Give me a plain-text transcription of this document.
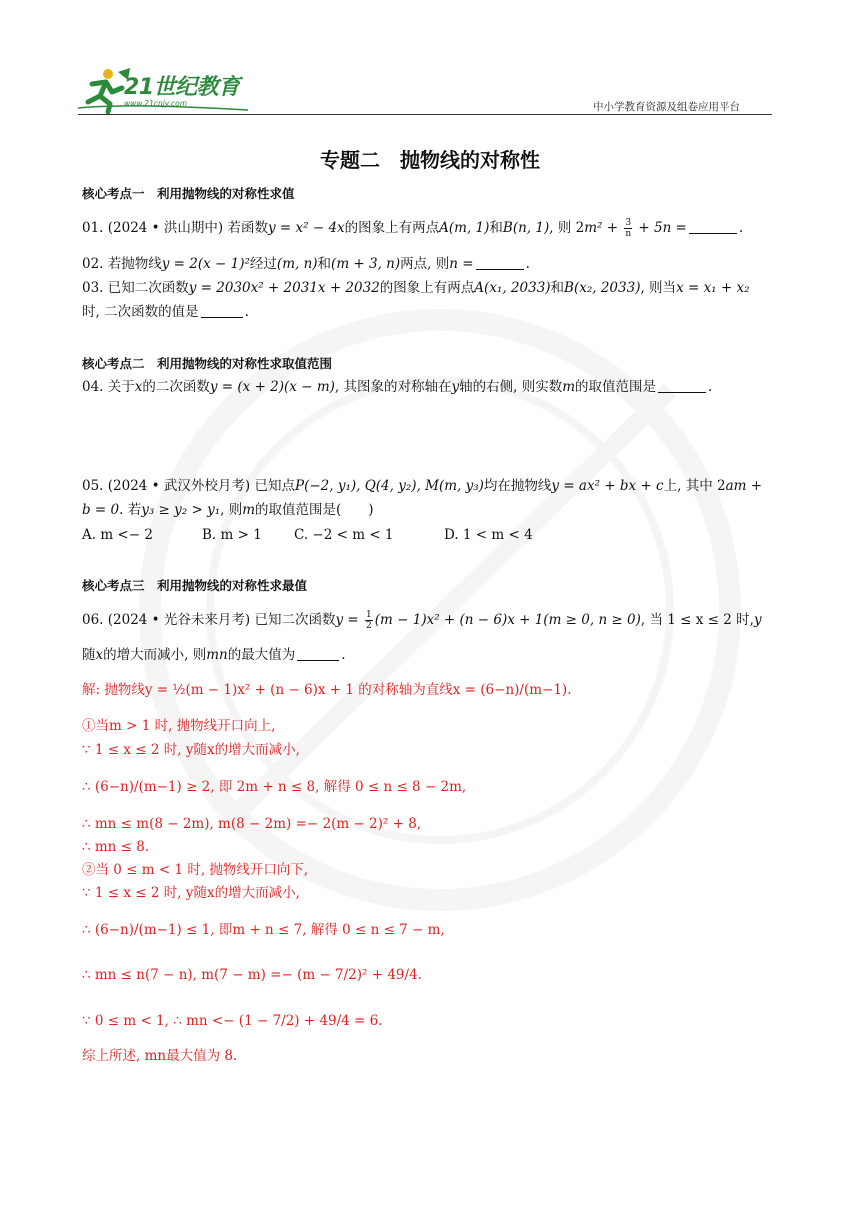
21世纪教育
www.21cnjy.com	中小学教育资源及组卷应用平台
专题二　抛物线的对称性
核心考点一　利用抛物线的对称性求值
01. (2024 • 洪山期中) 若函数y = x² − 4x的图象上有两点A(m, 1)和B(n, 1), 则 $2m^2 + \frac{3}{n} + 5n$ =	.
02. 若抛物线y = 2(x − 1)²经过(m, n)和(m + 3, n)两点, 则n =	.
03. 已知二次函数y = 2030x² + 2031x + 2032的图象上有两点A(x₁, 2033)和B(x₂, 2033), 则当x = x₁ + x₂
时, 二次函数的值是	.
核心考点二　利用抛物线的对称性求取值范围
04. 关于x的二次函数y = (x + 2)(x − m), 其图象的对称轴在y轴的右侧, 则实数m的取值范围是	.
05. (2024 • 武汉外校月考) 已知点P(−2, y₁), Q(4, y₂), M(m, y₃)均在抛物线y = ax² + bx + c上, 其中 2am +
b = 0. 若y₃ ≥ y₂ > y₁, 则m的取值范围是(　　)
A. m <− 2	B. m > 1 C. −2 < m < 1	D. 1 < m < 4
核心考点三　利用抛物线的对称性求最值
06. (2024 • 光谷未来月考) 已知二次函数$y = \frac{1}{2} (m - 1)x^2 + (n - 6)x + 1(m \ge 0$, n ≥ 0), 当 1 ≤ x ≤ 2 时,y
随x的增大而减小, 则mn的最大值为	.
解: 抛物线y = ½(m − 1)x² + (n − 6)x + 1 的对称轴为直线x = (6−n)/(m−1).
①当m > 1 时, 抛物线开口向上,
∵ 1 ≤ x ≤ 2 时, y随x的增大而减小,
∴ (6−n)/(m−1) ≥ 2, 即 2m + n ≤ 8, 解得 0 ≤ n ≤ 8 − 2m,
∴ mn ≤ m(8 − 2m), m(8 − 2m) =− 2(m − 2)² + 8,
∴ mn ≤ 8.
②当 0 ≤ m < 1 时, 抛物线开口向下,
∵ 1 ≤ x ≤ 2 时, y随x的增大而减小,
∴ (6−n)/(m−1) ≤ 1, 即m + n ≤ 7, 解得 0 ≤ n ≤ 7 − m,
∴ mn ≤ n(7 − n), m(7 − m) =− (m − 7/2)² + 49/4.
∵ 0 ≤ m < 1, ∴ mn <− (1 − 7/2) + 49/4 = 6.
综上所述, mn最大值为 8.
